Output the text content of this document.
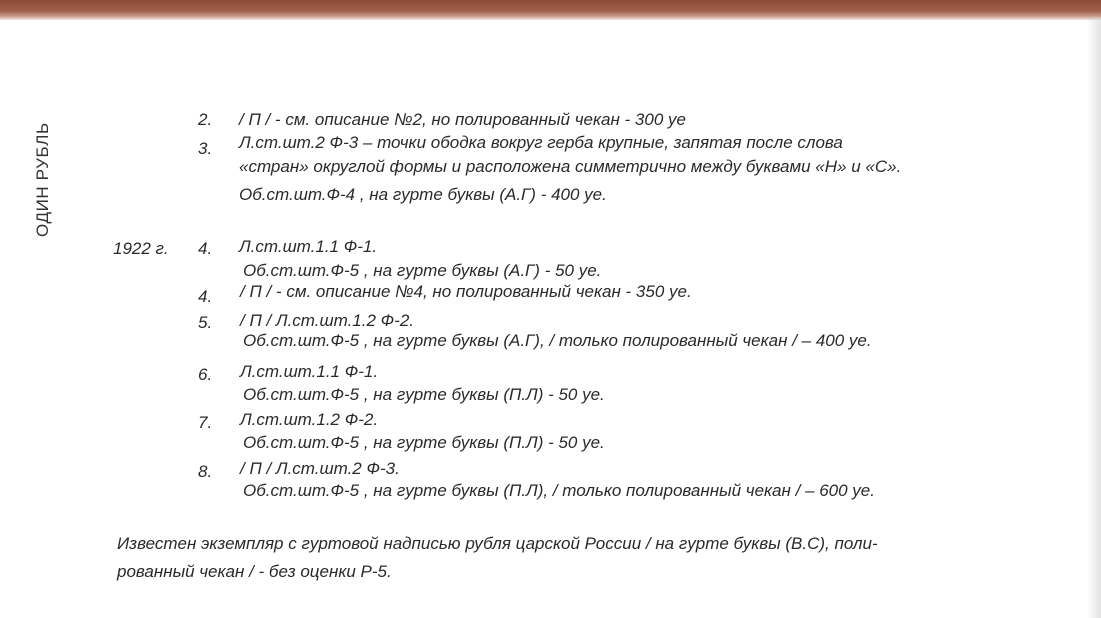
ОДИН РУБЛЬ
1922 г.
2. / П / - см. описание №2, но полированный чекан - 300 уе
3. Л.ст.шт.2 Ф-3 – точки ободка вокруг герба крупные, запятая после слова
«стран» округлой формы и расположена симметрично между буквами «Н» и «С».
Об.ст.шт.Ф-4 , на гурте буквы (А.Г) - 400 уе.
4. Л.ст.шт.1.1 Ф-1.
Об.ст.шт.Ф-5 , на гурте буквы (А.Г) - 50 уе.
4. / П / - см. описание №4, но полированный чекан - 350 уе.
5. / П / Л.ст.шт.1.2 Ф-2.
Об.ст.шт.Ф-5 , на гурте буквы (А.Г), / только полированный чекан / – 400 уе.
6. Л.ст.шт.1.1 Ф-1.
Об.ст.шт.Ф-5 , на гурте буквы (П.Л) - 50 уе.
7. Л.ст.шт.1.2 Ф-2.
Об.ст.шт.Ф-5 , на гурте буквы (П.Л) - 50 уе.
8. / П / Л.ст.шт.2 Ф-3.
Об.ст.шт.Ф-5 , на гурте буквы (П.Л), / только полированный чекан / – 600 уе.
Известен экземпляр с гуртовой надписью рубля царской России / на гурте буквы (В.С), поли-
рованный чекан / - без оценки Р-5.
